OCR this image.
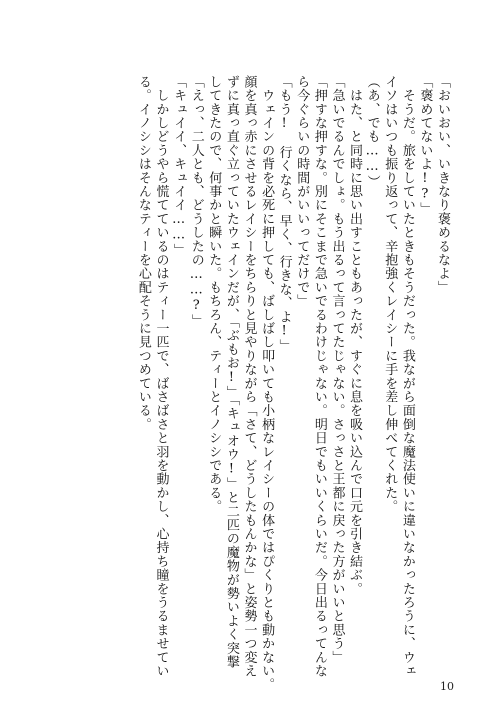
「おいおい、いきなり褒めるなよ」
「褒めてないよ!?」
　そうだ。旅をしていたときもそうだった。我ながら面倒な魔法使いに違いなかったろうに、ウェ
イソはいつも振り返って、辛抱強くレイシーに手を差し伸べてくれた。
（あ、でも……）
　はた、と同時に思い出すこともあったが、すぐに息を吸い込んで口元を引き結ぶ。
「急いでるんでしょ。もう出るって言ってたじゃない。さっさと王都に戻った方がいいと思う」
「押すな押すな。別にそこまで急いでるわけじゃない。明日でもいいくらいだ。今日出るってんな
ら今ぐらいの時間がいいってだけで」
「もう!　行くなら、早く、行きな、よ!」
　ウェインの背を必死に押しても、ばしばし叩いても小柄なレイシーの体ではぴくりとも動かない。
顔を真っ赤にさせるレイシーをちらりと見やりながら「さて、どうしたもんかな」と姿勢一つ変え
ずに真っ直ぐ立っていたウェインだが、「ぶもお!」「キュオウ!」と二匹の魔物が勢いよく突撃
してきたので、何事かと瞬いた。もちろん、ティーとイノシシである。
「えっ、二人とも、どうしたの……?」
「キュイイ、キュイイ……」
　しかしどうやら慌てているのはティー一匹で、ばさばさと羽を動かし、心持ち瞳をうるませてい
る。イノシシはそんなティーを心配そうに見つめている。
10
